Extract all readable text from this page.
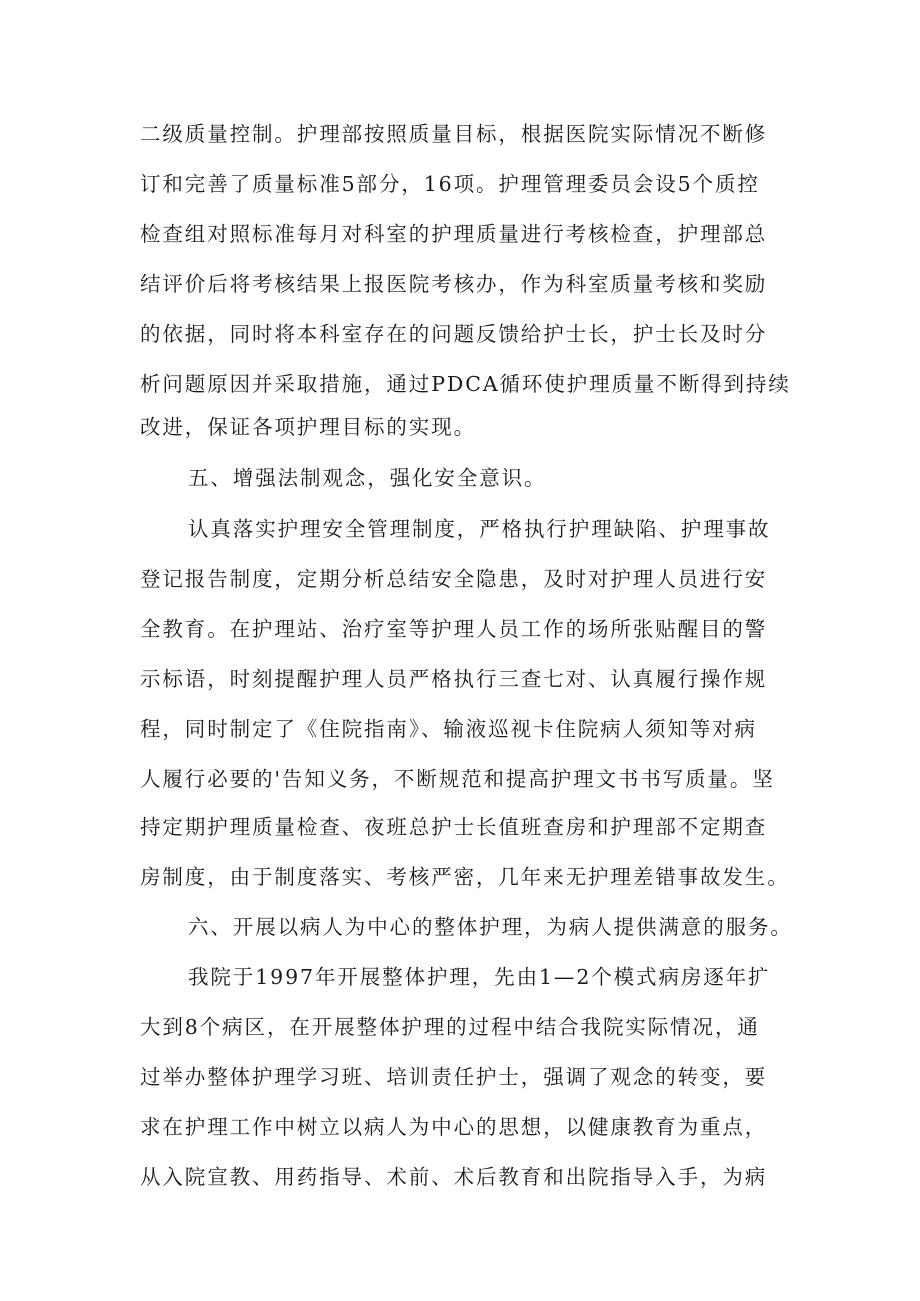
二级质量控制。护理部按照质量目标，根据医院实际情况不断修
订和完善了质量标准5部分，16项。护理管理委员会设5个质控
检查组对照标准每月对科室的护理质量进行考核检查，护理部总
结评价后将考核结果上报医院考核办，作为科室质量考核和奖励
的依据，同时将本科室存在的问题反馈给护士长，护士长及时分
析问题原因并采取措施，通过PDCA循环使护理质量不断得到持续
改进，保证各项护理目标的实现。
五、增强法制观念，强化安全意识。
认真落实护理安全管理制度，严格执行护理缺陷、护理事故
登记报告制度，定期分析总结安全隐患，及时对护理人员进行安
全教育。在护理站、治疗室等护理人员工作的场所张贴醒目的警
示标语，时刻提醒护理人员严格执行三查七对、认真履行操作规
程，同时制定了《住院指南》、输液巡视卡住院病人须知等对病
人履行必要的'告知义务，不断规范和提高护理文书书写质量。坚
持定期护理质量检查、夜班总护士长值班查房和护理部不定期查
房制度，由于制度落实、考核严密，几年来无护理差错事故发生。
六、开展以病人为中心的整体护理，为病人提供满意的服务。
我院于1997年开展整体护理，先由1—2个模式病房逐年扩
大到8个病区，在开展整体护理的过程中结合我院实际情况，通
过举办整体护理学习班、培训责任护士，强调了观念的转变，要
求在护理工作中树立以病人为中心的思想，以健康教育为重点，
从入院宣教、用药指导、术前、术后教育和出院指导入手，为病
